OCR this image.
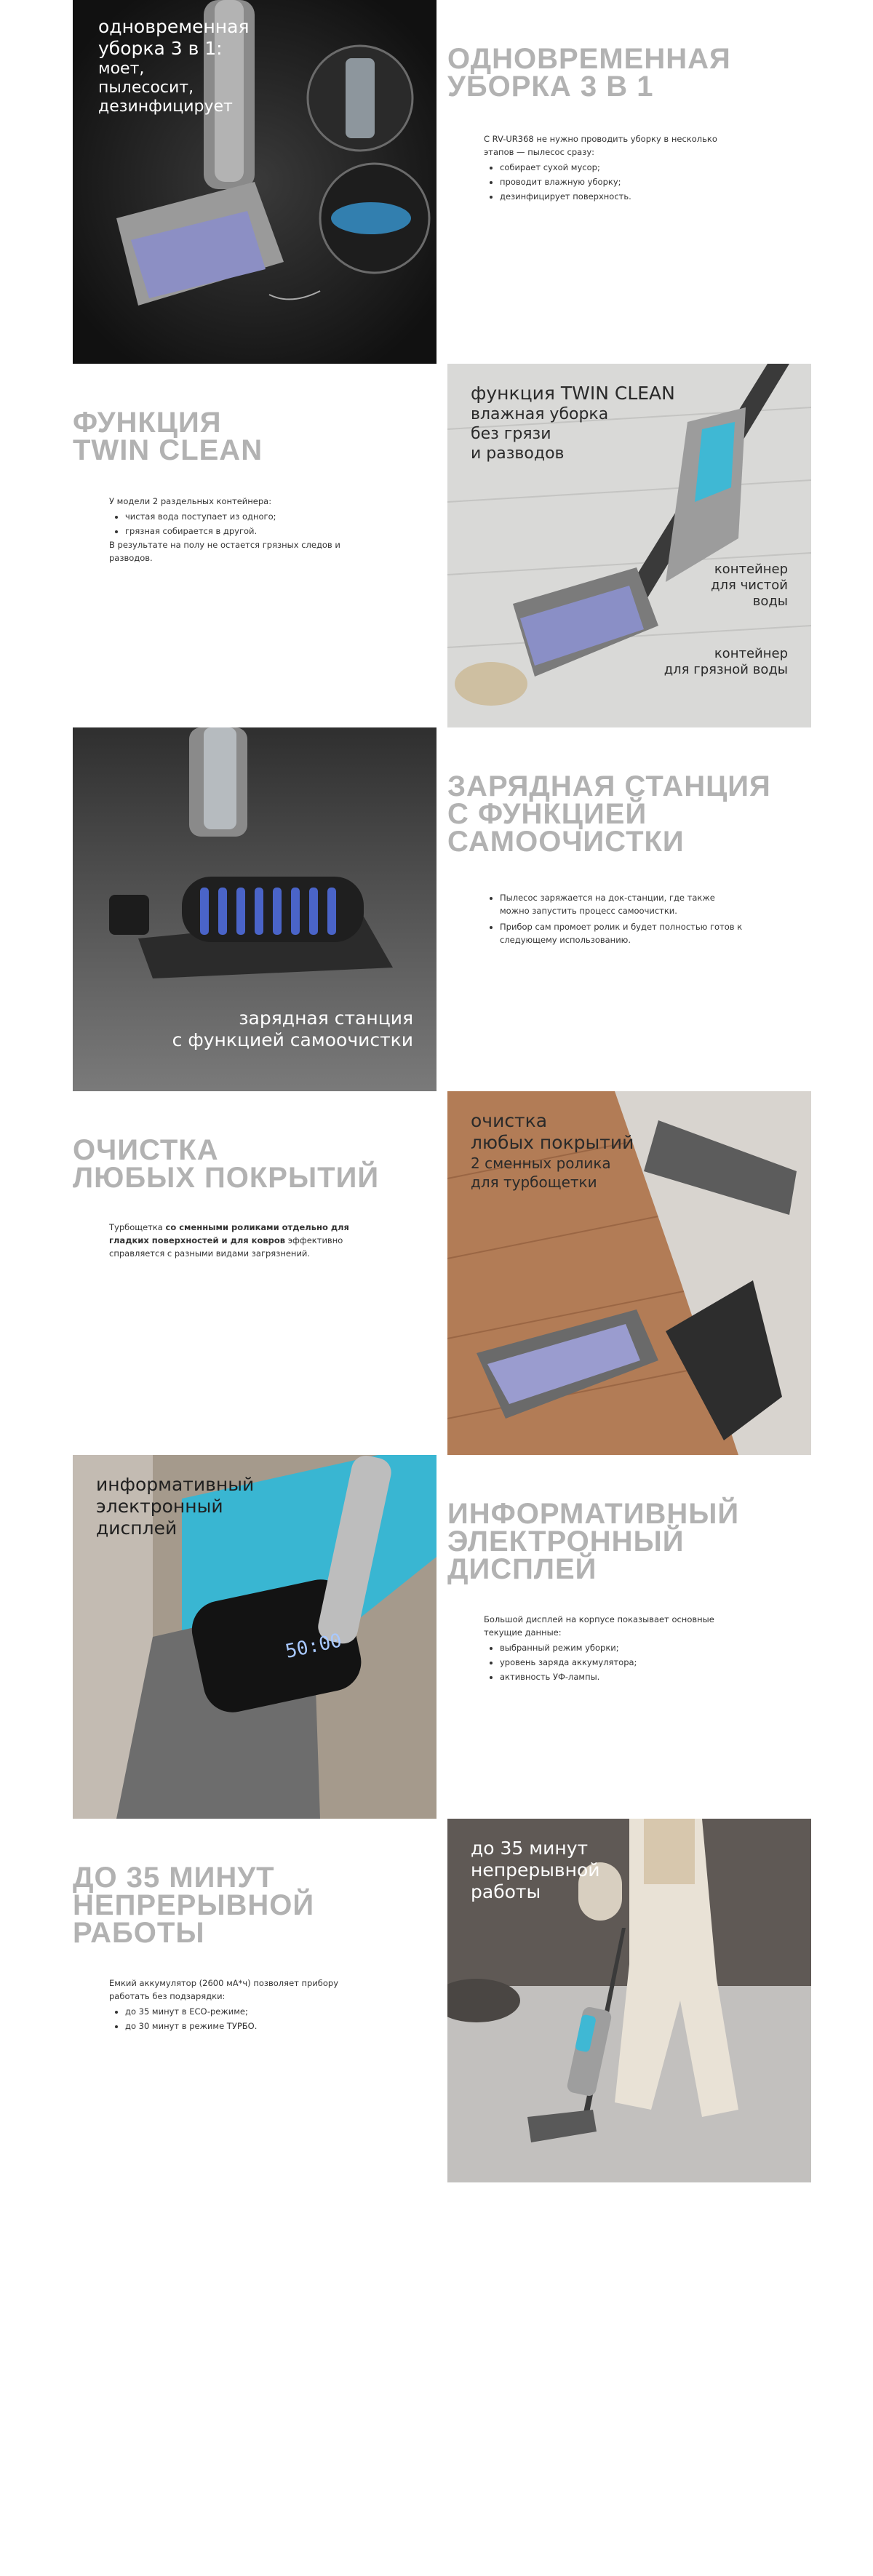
одновременная
уборка 3 в 1:
моет,
пылесосит,
дезинфицирует
ОДНОВРЕМЕННАЯ
УБОРКА 3 В 1

С RV-UR368 не нужно проводить уборку в несколько этапов — пылесос сразу:

• собирает сухой мусор;
• проводит влажную уборку;
• дезинфицирует поверхность.
ФУНКЦИЯ
TWIN CLEAN

У модели 2 раздельных контейнера:

• чистая вода поступает из одного;
• грязная собирается в другой.

В результате на полу не остается грязных следов и разводов.

функция TWIN CLEAN
влажная уборка
без грязи
и разводов
контейнер
для чистой
воды
контейнер
для грязной воды
зарядная станция
с функцией самоочистки
ЗАРЯДНАЯ СТАНЦИЯ
С ФУНКЦИЕЙ
САМООЧИСТКИ
• Пылесос заряжается на док-станции, где также можно запустить процесс самоочистки.
• Прибор сам промоет ролик и будет полностью готов к следующему использованию.
ОЧИСТКА
ЛЮБЫХ ПОКРЫТИЙ

Турбощетка со сменными роликами отдельно для гладких поверхностей и для ковров эффективно справляется с разными видами загрязнений.

очистка
любых покрытий
2 сменных ролика
для турбощетки
50:00
информативный
электронный
дисплей	ИНФОРМАТИВНЫЙ
ЭЛЕКТРОННЫЙ
ДИСПЛЕЙ

Большой дисплей на корпусе показывает основные текущие данные:

• выбранный режим уборки;
• уровень заряда аккумулятора;
• активность УФ-лампы.
ДО 35 МИНУТ
НЕПРЕРЫВНОЙ
РАБОТЫ

Емкий аккумулятор (2600 мА*ч) позволяет прибору работать без подзарядки:

• до 35 минут в ECO-режиме;
• до 30 минут в режиме ТУРБО.
до 35 минут
непрерывной
работы
